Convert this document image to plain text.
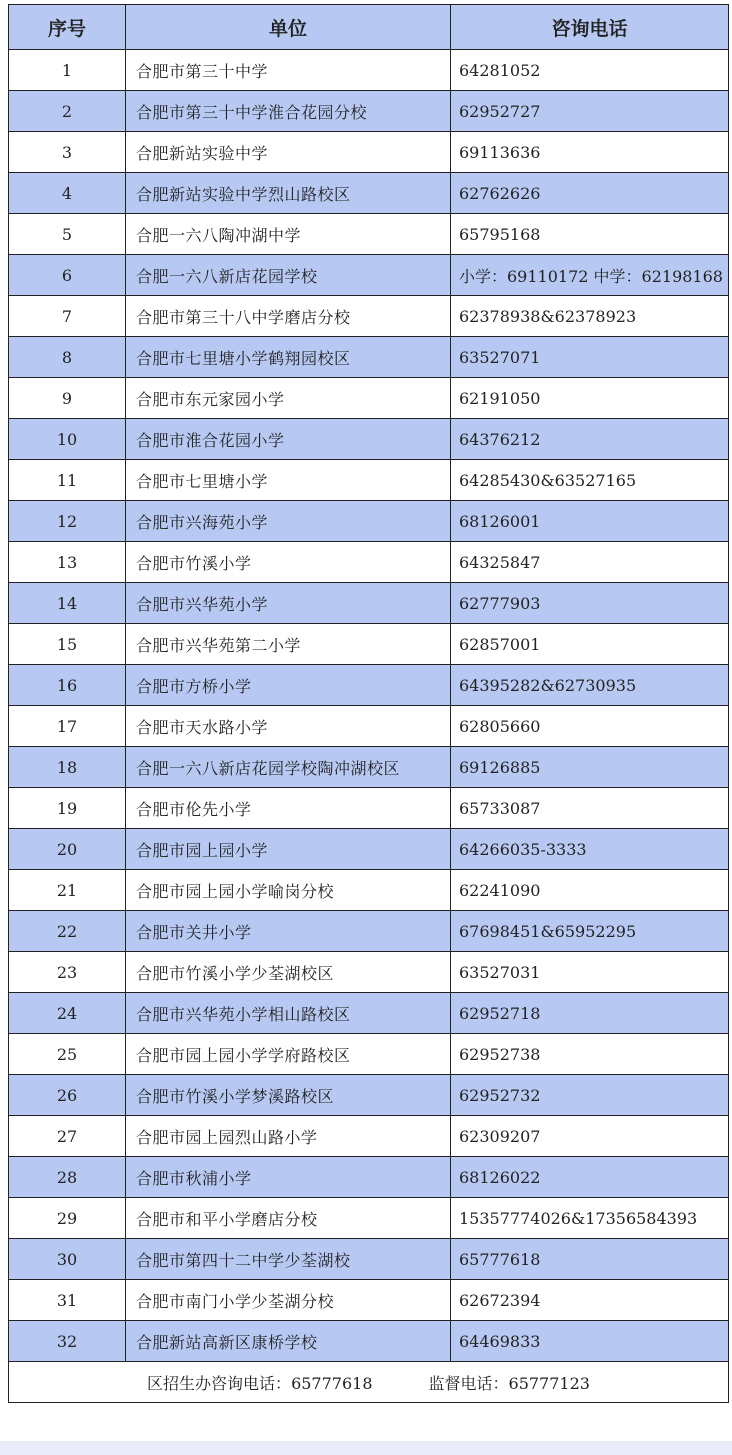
序号	单位	咨询电话
1	合肥市第三十中学	64281052
2	合肥市第三十中学淮合花园分校	62952727
3	合肥新站实验中学	69113636
4	合肥新站实验中学烈山路校区	62762626
5	合肥一六八陶冲湖中学	65795168
6	合肥一六八新店花园学校	小学：69110172 中学：62198168
7	合肥市第三十八中学磨店分校	62378938&62378923
8	合肥市七里塘小学鹤翔园校区	63527071
9	合肥市东元家园小学	62191050
10	合肥市淮合花园小学	64376212
11	合肥市七里塘小学	64285430&63527165
12	合肥市兴海苑小学	68126001
13	合肥市竹溪小学	64325847
14	合肥市兴华苑小学	62777903
15	合肥市兴华苑第二小学	62857001
16	合肥市方桥小学	64395282&62730935
17	合肥市天水路小学	62805660
18	合肥一六八新店花园学校陶冲湖校区	69126885
19	合肥市伦先小学	65733087
20	合肥市园上园小学	64266035-3333
21	合肥市园上园小学喻岗分校	62241090
22	合肥市关井小学	67698451&65952295
23	合肥市竹溪小学少荃湖校区	63527031
24	合肥市兴华苑小学相山路校区	62952718
25	合肥市园上园小学学府路校区	62952738
26	合肥市竹溪小学梦溪路校区	62952732
27	合肥市园上园烈山路小学	62309207
28	合肥市秋浦小学	68126022
29	合肥市和平小学磨店分校	15357774026&17356584393
30	合肥市第四十二中学少荃湖校	65777618
31	合肥市南门小学少荃湖分校	62672394
32	合肥新站高新区康桥学校	64469833
区招生办咨询电话：65777618 监督电话：65777123		
